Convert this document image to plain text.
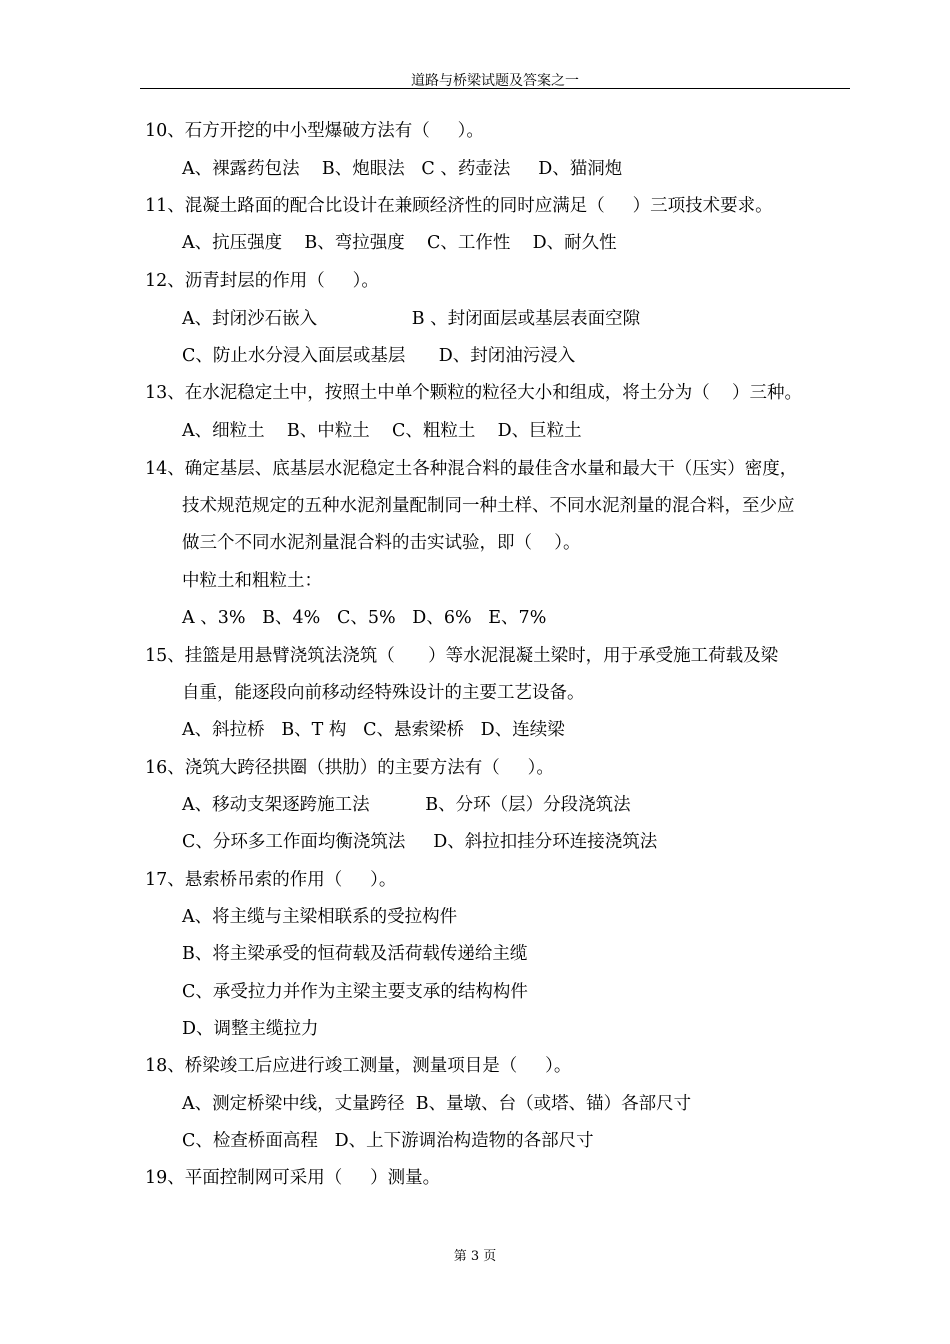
道路与桥梁试题及答案之一
10、石方开挖的中小型爆破方法有（     ）。
A、裸露药包法    B、炮眼法   C 、药壶法     D、猫洞炮
11、混凝土路面的配合比设计在兼顾经济性的同时应满足（     ）三项技术要求。
A、抗压强度    B、弯拉强度    C、工作性    D、耐久性
12、沥青封层的作用（     ）。
A、封闭沙石嵌入                 B 、封闭面层或基层表面空隙
C、防止水分浸入面层或基层      D、封闭油污浸入
13、在水泥稳定土中，按照土中单个颗粒的粒径大小和组成，将土分为（    ）三种。
A、细粒土    B、中粒土    C、粗粒土    D、巨粒土
14、确定基层、底基层水泥稳定土各种混合料的最佳含水量和最大干（压实）密度，
技术规范规定的五种水泥剂量配制同一种土样、不同水泥剂量的混合料，至少应
做三个不同水泥剂量混合料的击实试验，即（    ）。
中粒土和粗粒土：
A 、3%   B、4%   C、5%   D、6%   E、7%
15、挂篮是用悬臂浇筑法浇筑（      ）等水泥混凝土梁时，用于承受施工荷载及梁
自重，能逐段向前移动经特殊设计的主要工艺设备。
A、斜拉桥   B、T 构   C、悬索梁桥   D、连续梁
16、浇筑大跨径拱圈（拱肋）的主要方法有（     ）。
A、移动支架逐跨施工法          B、分环（层）分段浇筑法
C、分环多工作面均衡浇筑法     D、斜拉扣挂分环连接浇筑法
17、悬索桥吊索的作用（     ）。
A、将主缆与主梁相联系的受拉构件
B、将主梁承受的恒荷载及活荷载传递给主缆
C、承受拉力并作为主梁主要支承的结构构件
D、调整主缆拉力
18、桥梁竣工后应进行竣工测量，测量项目是（     ）。
A、测定桥梁中线，丈量跨径  B、量墩、台（或塔、锚）各部尺寸
C、检查桥面高程   D、上下游调治构造物的各部尺寸
19、平面控制网可采用（     ）测量。
第 3 页
